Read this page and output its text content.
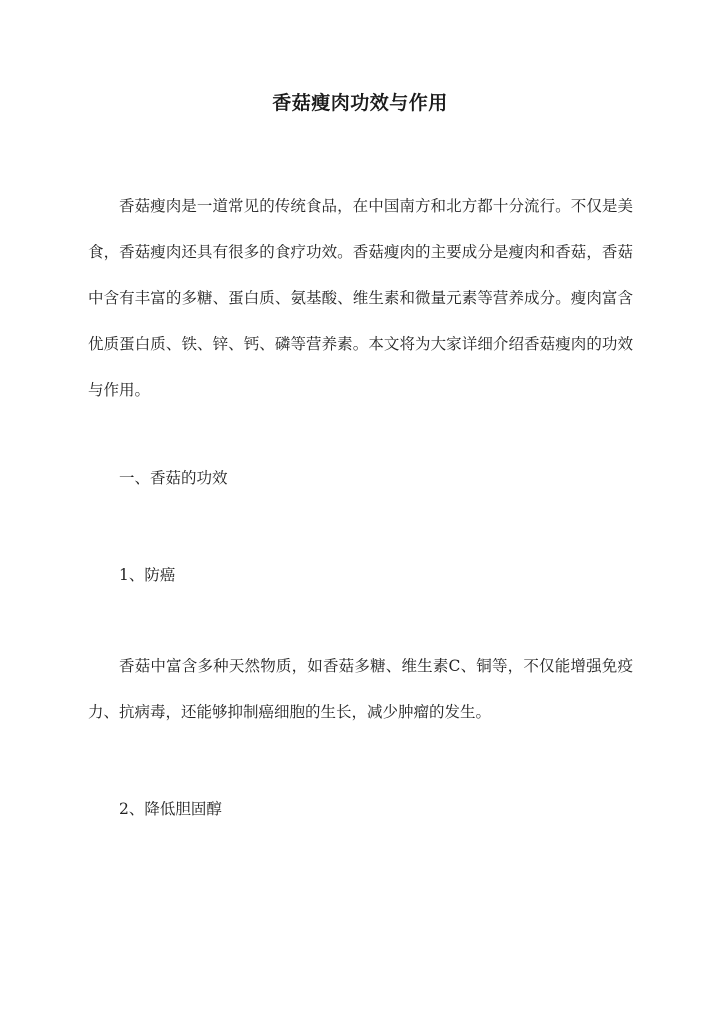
香菇瘦肉功效与作用

香菇瘦肉是一道常见的传统食品，在中国南方和北方都十分流行。不仅是美食，香菇瘦肉还具有很多的食疗功效。香菇瘦肉的主要成分是瘦肉和香菇，香菇中含有丰富的多糖、蛋白质、氨基酸、维生素和微量元素等营养成分。瘦肉富含优质蛋白质、铁、锌、钙、磷等营养素。本文将为大家详细介绍香菇瘦肉的功效与作用。

一、香菇的功效
1、防癌

香菇中富含多种天然物质，如香菇多糖、维生素C、铜等，不仅能增强免疫力、抗病毒，还能够抑制癌细胞的生长，减少肿瘤的发生。

2、降低胆固醇
